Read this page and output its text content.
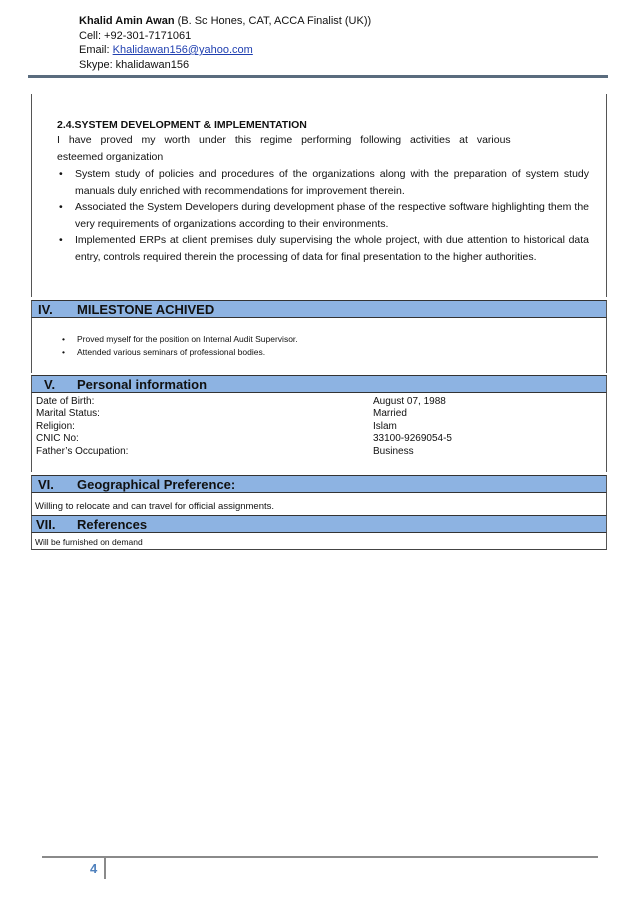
Khalid Amin Awan (B. Sc Hones, CAT, ACCA Finalist (UK))
Cell: +92-301-7171061
Email: Khalidawan156@yahoo.com
Skype: khalidawan156
2.4.SYSTEM DEVELOPMENT & IMPLEMENTATION
I have proved my worth under this regime performing following activities at various
esteemed organization
• System study of policies and procedures of the organizations along with the preparation of system study manuals duly enriched with recommendations for improvement therein.
• Associated the System Developers during development phase of the respective software highlighting them the very requirements of organizations according to their environments.
• Implemented ERPs at client premises duly supervising the whole project, with due attention to historical data entry, controls required therein the processing of data for final presentation to the higher authorities.
IV. MILESTONE ACHIVED
• Proved myself for the position on Internal Audit Supervisor.
• Attended various seminars of professional bodies.
V. Personal information
Date of Birth:	August 07, 1988
Marital Status:	Married
Religion:	Islam
CNIC No:	33100-9269054-5
Father’s Occupation:	Business
VI. Geographical Preference:
Willing to relocate and can travel for official assignments.
VII. References
Will be furnished on demand
4
